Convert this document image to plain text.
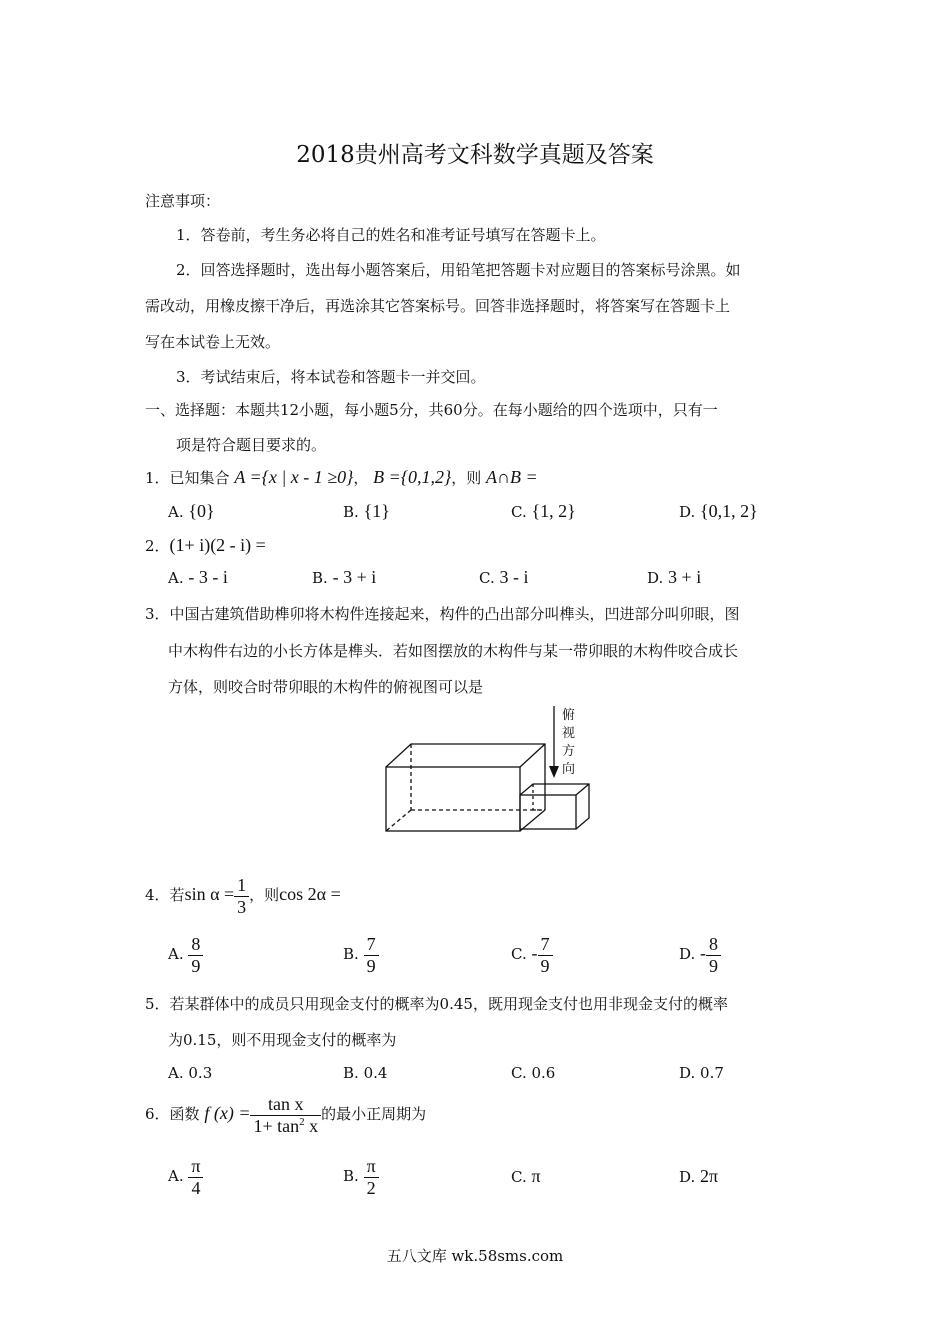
2018贵州高考文科数学真题及答案
注意事项：
1．答卷前，考生务必将自己的姓名和准考证号填写在答题卡上。
2．回答选择题时，选出每小题答案后，用铅笔把答题卡对应题目的答案标号涂黑。如
需改动，用橡皮擦干净后，再选涂其它答案标号。回答非选择题时，将答案写在答题卡上
写在本试卷上无效。
3．考试结束后，将本试卷和答题卡一并交回。
一、选择题：本题共12小题，每小题5分，共60分。在每小题给的四个选项中，只有一
项是符合题目要求的。
1．已知集合 A ={x | x - 1 ≥0}， B ={0,1,2}，则 A∩B =
A. {0}	B. {1}	C. {1, 2}	D. {0,1, 2}
2．(1+ i)(2 - i) =
A. - 3 - i	B. - 3 + i	C. 3 - i	D. 3 + i
3．中国古建筑借助榫卯将木构件连接起来，构件的凸出部分叫榫头，凹进部分叫卯眼，图
中木构件右边的小长方体是榫头．若如图摆放的木构件与某一带卯眼的木构件咬合成长
方体，则咬合时带卯眼的木构件的俯视图可以是
俯
视
方
向
4．若$\sin \alpha = \frac{1}{3}$ ，则cos 2α =
A. $\frac{8}{9}$	B. $\frac{7}{9}$	C. - $\frac{7}{9}$	D. - $\frac{8}{9}$
5．若某群体中的成员只用现金支付的概率为0.45，既用现金支付也用非现金支付的概率
为0.15，则不用现金支付的概率为
A. 0.3	B. 0.4	C. 0.6	D. 0.7
6．函数 f $(x) = \frac{\text{tan x}}{1+ \tan^2 x}$ 的最小正周期为
A. $\frac{\pi}{4}$	B. $\frac{\pi}{2}$	C. π	D. 2π
五八文库 wk.58sms.com
